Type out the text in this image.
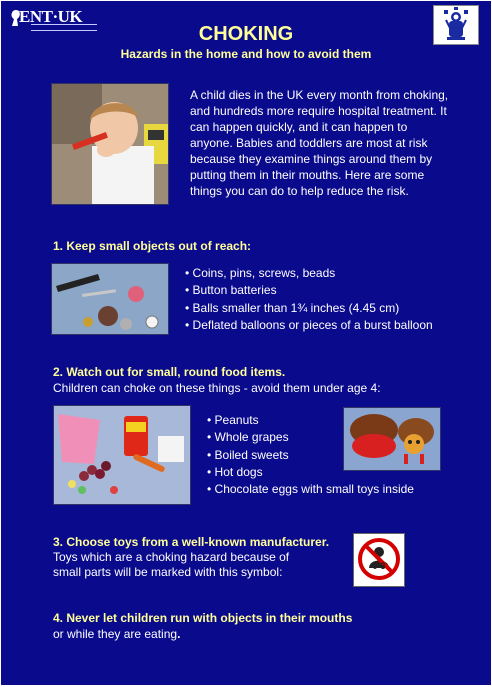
ENT·UK
CHOKING
Hazards in the home and how to avoid them
A child dies in the UK every month from choking, and hundreds more require hospital treatment. It can happen quickly, and it can happen to anyone. Babies and toddlers are most at risk because they examine things around them by putting them in their mouths. Here are some things you can do to help reduce the risk.
1. Keep small objects out of reach:
• Coins, pins, screws, beads
• Button batteries
• Balls smaller than 1¾ inches (4.45 cm)
• Deflated balloons or pieces of a burst balloon
2. Watch out for small, round food items.
Children can choke on these things - avoid them under age 4:
• Peanuts
• Whole grapes
• Boiled sweets
• Hot dogs
• Chocolate eggs with small toys inside
3. Choose toys from a well-known manufacturer.
Toys which are a choking hazard because of
small parts will be marked with this symbol:	0-3
4. Never let children run with objects in their mouths
or while they are eating.
